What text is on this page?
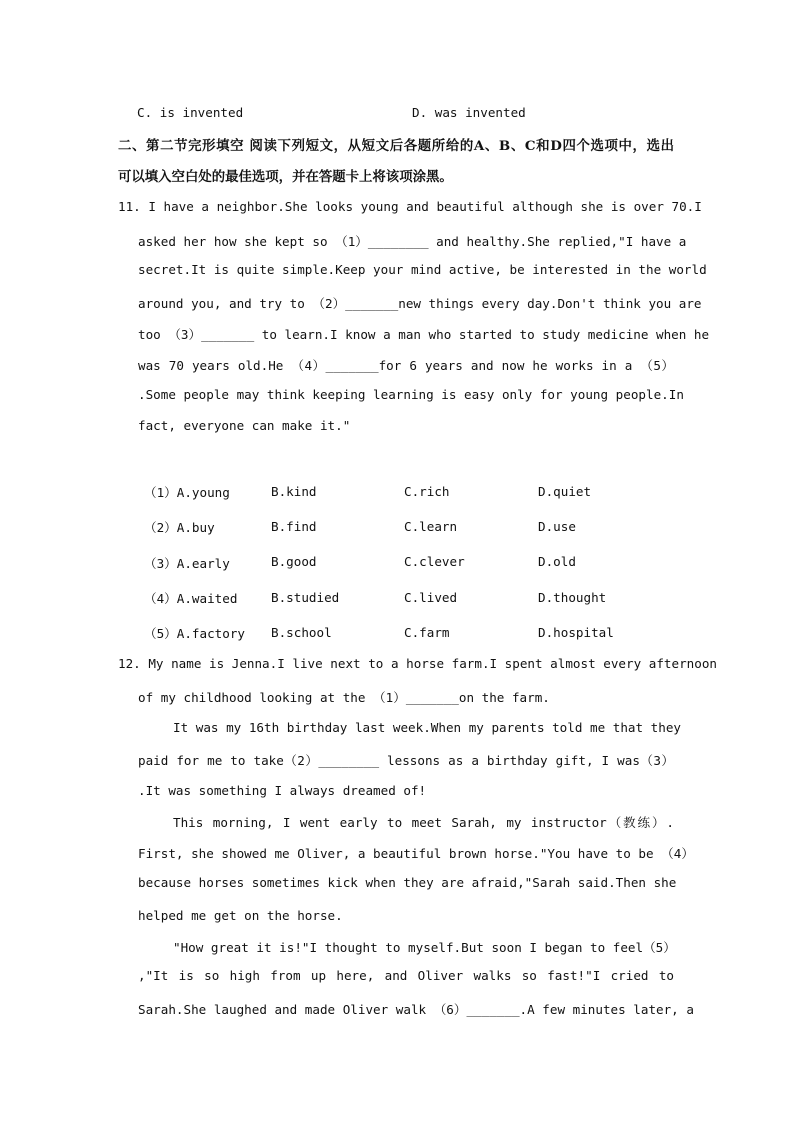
C. is invented	D. was invented
二、第二节完形填空 阅读下列短文，从短文后各题所给的A、B、C和D四个选项中，选出
可以填入空白处的最佳选项，并在答题卡上将该项涂黑。
11. I have a neighbor.She looks young and beautiful although she is over 70.I
asked her how she kept so （1）________ and healthy.She replied,"I have a
secret.It is quite simple.Keep your mind active, be interested in the world
around you, and try to （2）_______new things every day.Don't think you are
too （3）_______ to learn.I know a man who started to study medicine when he
was 70 years old.He （4）_______for 6 years and now he works in a （5）
.Some people may think keeping learning is easy only for young people.In
fact, everyone can make it."
（1）A.young	B.kind	C.rich	D.quiet
（2）A.buy	B.find	C.learn	D.use
（3）A.early	B.good	C.clever	D.old
（4）A.waited	B.studied	C.lived	D.thought
（5）A.factory B.school	C.farm	D.hospital
12. My name is Jenna.I live next to a horse farm.I spent almost every afternoon
of my childhood looking at the （1）_______on the farm.
It was my 16th birthday last week.When my parents told me that they
paid for me to take（2）________ lessons as a birthday gift, I was（3）
.It was something I always dreamed of!
This morning, I went early to meet Sarah, my instructor（教练）.
First, she showed me Oliver, a beautiful brown horse."You have to be （4）
because horses sometimes kick when they are afraid,"Sarah said.Then she
helped me get on the horse.
"How great it is!"I thought to myself.But soon I began to feel（5）
,"It is so high from up here, and Oliver walks so fast!"I cried to
Sarah.She laughed and made Oliver walk （6）_______.A few minutes later, a
